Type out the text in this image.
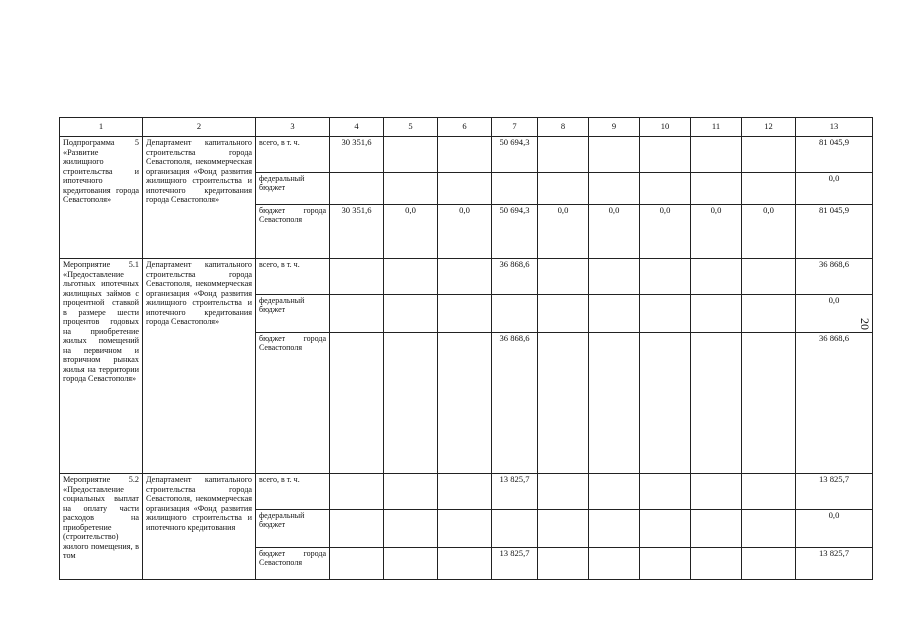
20
1	2	3	4	5	6	7	8	9	10	11	12	13
Подпрограмма 5 «Развитие жилищного строительства и ипотечного кредитования города Севастополя»	Департамент капитального строительства города Севастополя, некоммерческая организация «Фонд развития жилищного строительства и ипотечного кредитования города Севастополя»	всего, в т. ч.	30 351,6			50 694,3						81 045,9
		федеральный бюджет										0,0
		бюджет города Севастополя	30 351,6	0,0	0,0	50 694,3	0,0	0,0	0,0	0,0	0,0	81 045,9
Мероприятие 5.1 «Предоставление льготных ипотечных жилищных займов с процентной ставкой в размере шести процентов годовых на приобретение жилых помещений на первичном и вторичном рынках жилья на территории города Севастополя»	Департамент капитального строительства города Севастополя, некоммерческая организация «Фонд развития жилищного строительства и ипотечного кредитования города Севастополя»	всего, в т. ч.				36 868,6						36 868,6
		федеральный бюджет										0,0
		бюджет города Севастополя				36 868,6						36 868,6
Мероприятие 5.2 «Предоставление социальных выплат на оплату части расходов на приобретение (строительство) жилого помещения, в том	Департамент капитального строительства города Севастополя, некоммерческая организация «Фонд развития жилищного строительства и ипотечного кредитования	всего, в т. ч.				13 825,7						13 825,7
		федеральный бюджет										0,0
		бюджет города Севастополя				13 825,7						13 825,7
